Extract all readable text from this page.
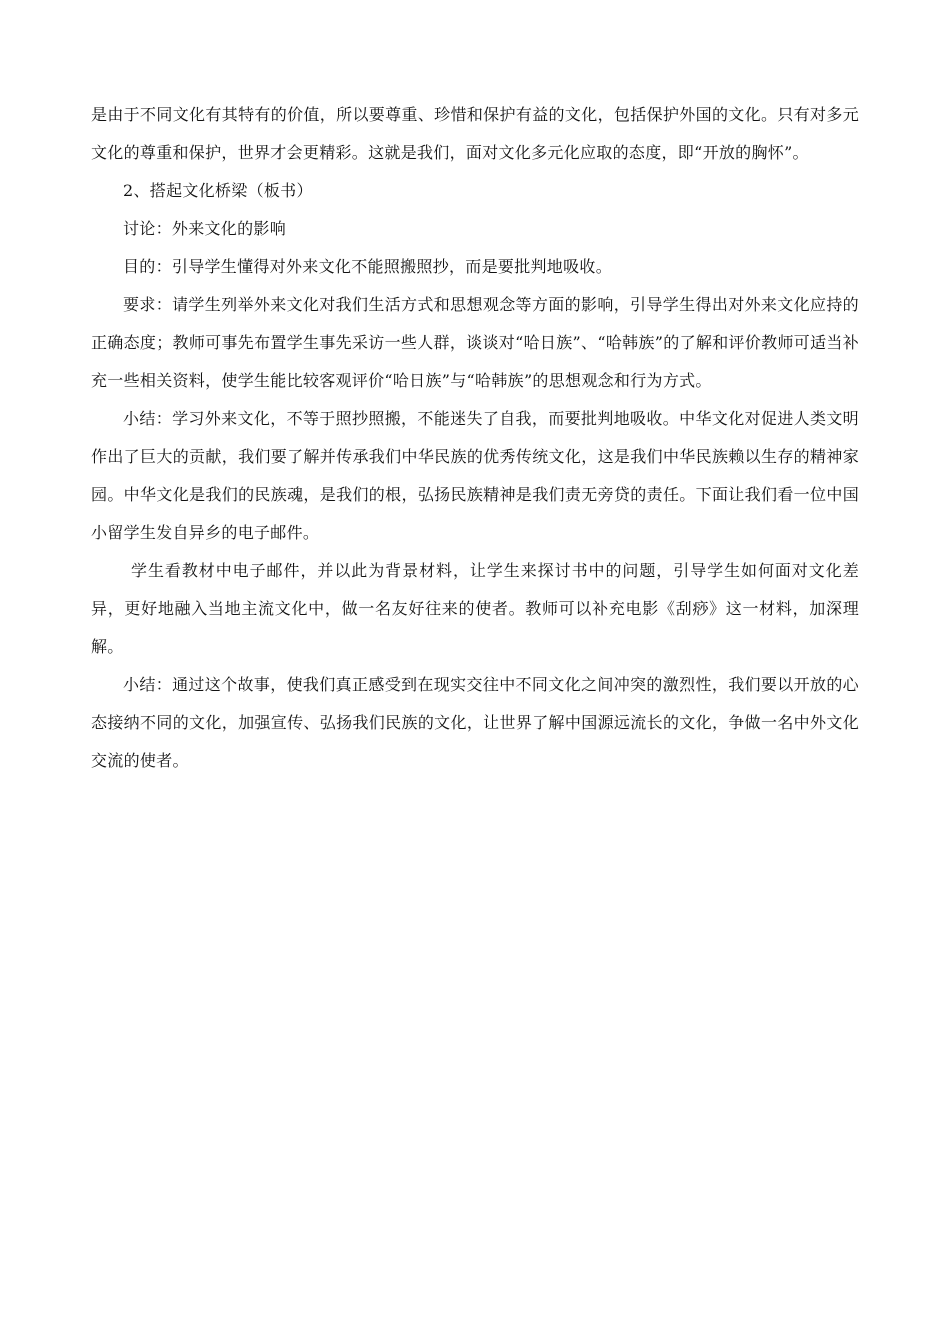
是由于不同文化有其特有的价值，所以要尊重、珍惜和保护有益的文化，包括保护外国的文化。只有对多元文化的尊重和保护，世界才会更精彩。这就是我们，面对文化多元化应取的态度，即“开放的胸怀”。

2、搭起文化桥梁（板书）

讨论：外来文化的影响

目的：引导学生懂得对外来文化不能照搬照抄，而是要批判地吸收。

要求：请学生列举外来文化对我们生活方式和思想观念等方面的影响，引导学生得出对外来文化应持的正确态度；教师可事先布置学生事先采访一些人群，谈谈对“哈日族”、“哈韩族”的了解和评价教师可适当补充一些相关资料，使学生能比较客观评价“哈日族”与“哈韩族”的思想观念和行为方式。

小结：学习外来文化，不等于照抄照搬，不能迷失了自我，而要批判地吸收。中华文化对促进人类文明作出了巨大的贡献，我们要了解并传承我们中华民族的优秀传统文化，这是我们中华民族赖以生存的精神家园。中华文化是我们的民族魂，是我们的根，弘扬民族精神是我们责无旁贷的责任。下面让我们看一位中国小留学生发自异乡的电子邮件。

学生看教材中电子邮件，并以此为背景材料，让学生来探讨书中的问题，引导学生如何面对文化差异，更好地融入当地主流文化中，做一名友好往来的使者。教师可以补充电影《刮痧》这一材料，加深理解。

小结：通过这个故事，使我们真正感受到在现实交往中不同文化之间冲突的激烈性，我们要以开放的心态接纳不同的文化，加强宣传、弘扬我们民族的文化，让世界了解中国源远流长的文化，争做一名中外文化交流的使者。
